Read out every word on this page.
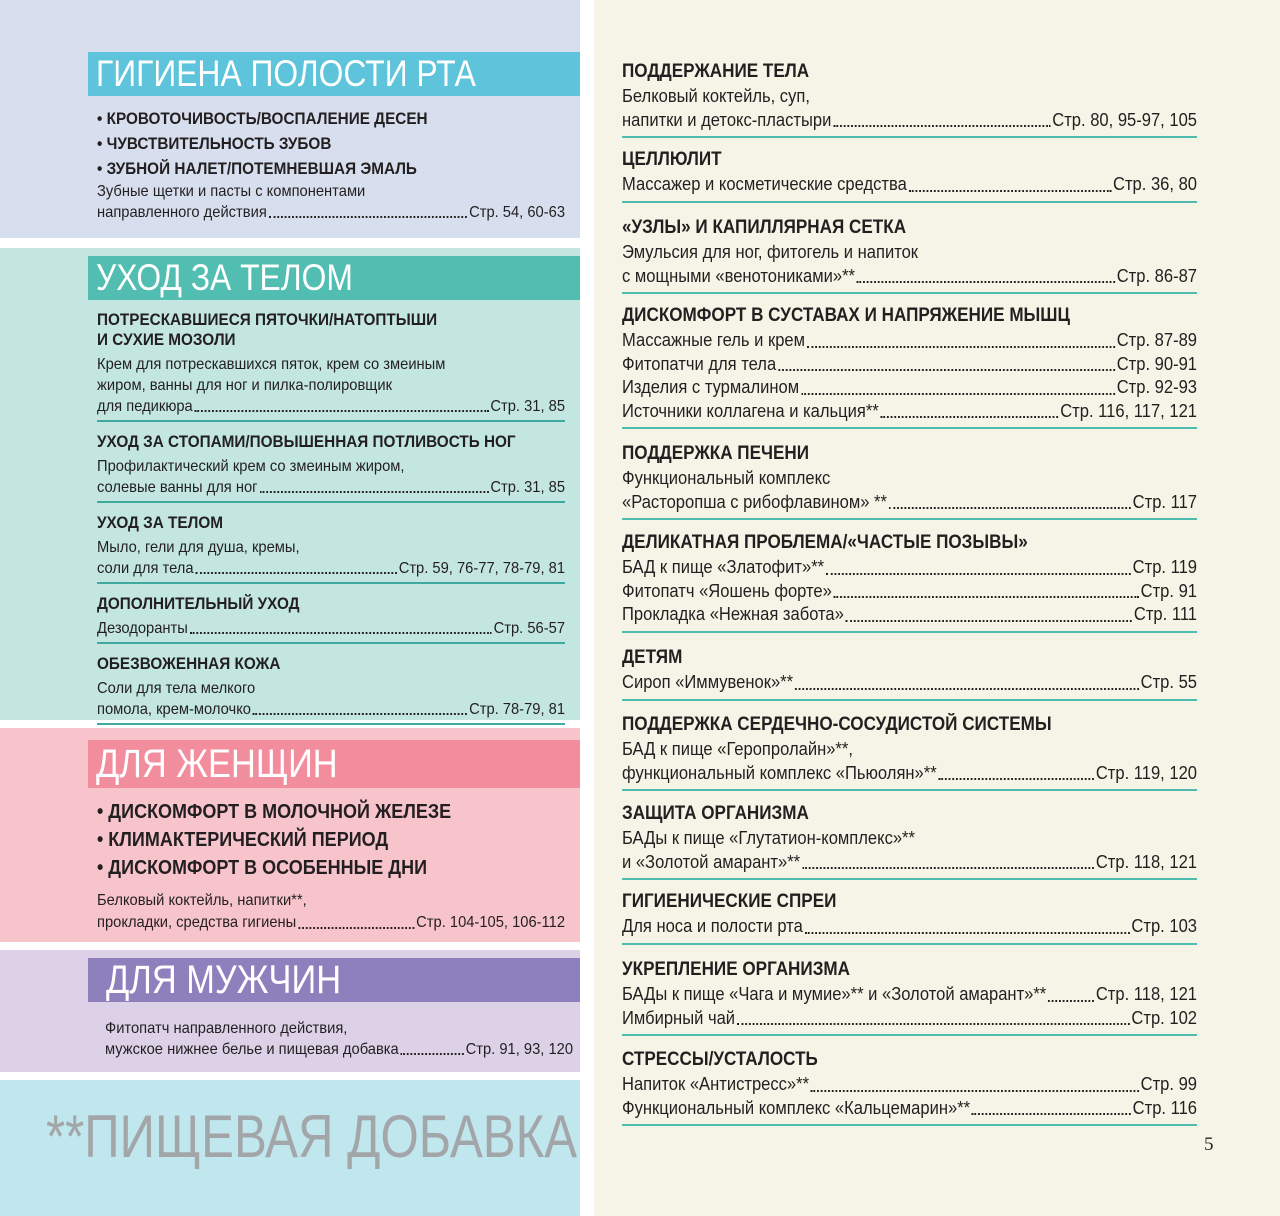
ГИГИЕНА ПОЛОСТИ РТА
• КРОВОТОЧИВОСТЬ/ВОСПАЛЕНИЕ ДЕСЕН
• ЧУВСТВИТЕЛЬНОСТЬ ЗУБОВ
• ЗУБНОЙ НАЛЕТ/ПОТЕМНЕВШАЯ ЭМАЛЬ
Зубные щетки и пасты с компонентами
направленного действия	Стр. 54, 60-63
УХОД ЗА ТЕЛОМ
ПОТРЕСКАВШИЕСЯ ПЯТОЧКИ/НАТОПТЫШИ
И СУХИЕ МОЗОЛИ
Крем для потрескавшихся пяток, крем со змеиным
жиром, ванны для ног и пилка-полировщик
для педикюра	Стр. 31, 85
УХОД ЗА СТОПАМИ/ПОВЫШЕННАЯ ПОТЛИВОСТЬ НОГ
Профилактический крем со змеиным жиром,
солевые ванны для ног	Стр. 31, 85
УХОД ЗА ТЕЛОМ
Мыло, гели для душа, кремы,
соли для тела	Стр. 59, 76-77, 78-79, 81
ДОПОЛНИТЕЛЬНЫЙ УХОД
Дезодоранты	Стр. 56-57
ОБЕЗВОЖЕННАЯ КОЖА
Соли для тела мелкого
помола, крем-молочко	Стр. 78-79, 81
ДЛЯ ЖЕНЩИН
• ДИСКОМФОРТ В МОЛОЧНОЙ ЖЕЛЕЗЕ
• КЛИМАКТЕРИЧЕСКИЙ ПЕРИОД
• ДИСКОМФОРТ В ОСОБЕННЫЕ ДНИ
Белковый коктейль, напитки**,
прокладки, средства гигиены	Стр. 104-105, 106-112
ДЛЯ МУЖЧИН
Фитопатч направленного действия,
мужское нижнее белье и пищевая добавка	Стр. 91, 93, 120
**ПИЩЕВАЯ ДОБАВКА
ПОДДЕРЖАНИЕ ТЕЛА
Белковый коктейль, суп,
напитки и детокс-пластыри	Стр. 80, 95-97, 105
ЦЕЛЛЮЛИТ
Массажер и косметические средства	Стр. 36, 80
«УЗЛЫ» И КАПИЛЛЯРНАЯ СЕТКА
Эмульсия для ног, фитогель и напиток
с мощными «венотониками»**	Стр. 86-87
ДИСКОМФОРТ В СУСТАВАХ И НАПРЯЖЕНИЕ МЫШЦ
Массажные гель и крем	Стр. 87-89
Фитопатчи для тела	Стр. 90-91
Изделия с турмалином	Стр. 92-93
Источники коллагена и кальция**	Стр. 116, 117, 121
ПОДДЕРЖКА ПЕЧЕНИ
Функциональный комплекс
«Расторопша с рибофлавином» **	Стр. 117
ДЕЛИКАТНАЯ ПРОБЛЕМА/«ЧАСТЫЕ ПОЗЫВЫ»
БАД к пище «Златофит»**	Стр. 119
Фитопатч «Яошень форте»	Стр. 91
Прокладка «Нежная забота»	Стр. 111
ДЕТЯМ
Сироп «Иммувенок»**	Стр. 55
ПОДДЕРЖКА СЕРДЕЧНО-СОСУДИСТОЙ СИСТЕМЫ
БАД к пище «Геропролайн»**,
функциональный комплекс «Пьюолян»**	Стр. 119, 120
ЗАЩИТА ОРГАНИЗМА
БАДы к пище «Глутатион-комплекс»**
и «Золотой амарант»**	Стр. 118, 121
ГИГИЕНИЧЕСКИЕ СПРЕИ
Для носа и полости рта	Стр. 103
УКРЕПЛЕНИЕ ОРГАНИЗМА
БАДы к пище «Чага и мумие»** и «Золотой амарант»**	Стр. 118, 121
Имбирный чай	Стр. 102
СТРЕССЫ/УСТАЛОСТЬ
Напиток «Антистресс»**	Стр. 99
Функциональный комплекс «Кальцемарин»**	Стр. 116
5
